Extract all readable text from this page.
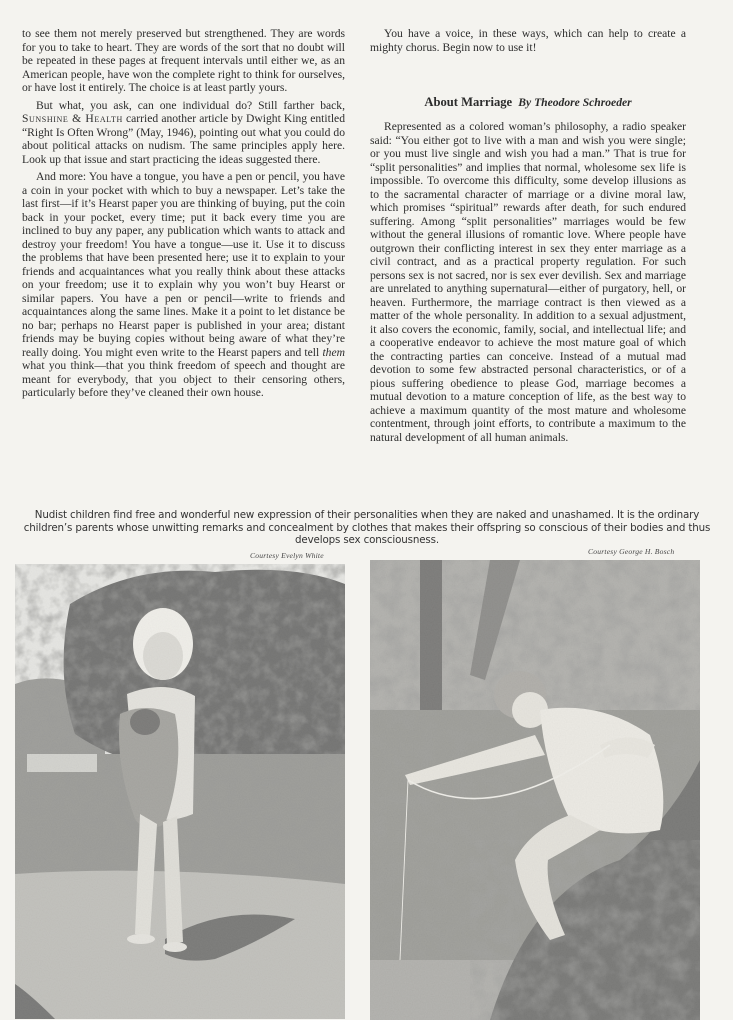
to see them not merely preserved but strengthened. They are words for you to take to heart. They are words of the sort that no doubt will be repeated in these pages at frequent intervals until either we, as an American people, have won the complete right to think for ourselves, or have lost it entirely. The choice is at least partly yours.

But what, you ask, can one individual do? Still farther back, Sunshine & Health carried another article by Dwight King entitled “Right Is Often Wrong” (May, 1946), pointing out what you could do about political attacks on nudism. The same principles apply here. Look up that issue and start practicing the ideas suggested there.

And more: You have a tongue, you have a pen or pencil, you have a coin in your pocket with which to buy a newspaper. Let’s take the last first—if it’s Hearst paper you are thinking of buying, put the coin back in your pocket, every time; put it back every time you are inclined to buy any paper, any publication which wants to attack and destroy your freedom! You have a tongue—use it. Use it to discuss the problems that have been presented here; use it to explain to your friends and acquaintances what you really think about these attacks on your freedom; use it to explain why you won’t buy Hearst or similar papers. You have a pen or pencil—write to friends and acquaintances along the same lines. Make it a point to let distance be no bar; perhaps no Hearst paper is published in your area; distant friends may be buying copies without being aware of what they’re really doing. You might even write to the Hearst papers and tell them what you think—that you think freedom of speech and thought are meant for everybody, that you object to their censoring others, particularly before they’ve cleaned their own house.

You have a voice, in these ways, which can help to create a mighty chorus. Begin now to use it!

About Marriage By Theodore Schroeder

Represented as a colored woman’s philosophy, a radio speaker said: “You either got to live with a man and wish you were single; or you must live single and wish you had a man.” That is true for “split personalities” and implies that normal, wholesome sex life is impossible. To overcome this difficulty, some develop illusions as to the sacramental character of marriage or a divine moral law, which promises “spiritual” rewards after death, for such endured suffering. Among “split personalities” marriages would be few without the general illusions of romantic love. Where people have outgrown their conflicting interest in sex they enter marriage as a civil contract, and as a practical property regulation. For such persons sex is not sacred, nor is sex ever devilish. Sex and marriage are unrelated to anything supernatural—either of purgatory, hell, or heaven. Furthermore, the marriage contract is then viewed as a matter of the whole personality. In addition to a sexual adjustment, it also covers the economic, family, social, and intellectual life; and a cooperative endeavor to achieve the most mature goal of which the contracting parties can conceive. Instead of a mutual mad devotion to some few abstracted personal characteristics, or of a pious suffering obedience to please God, marriage becomes a mutual devotion to a mature conception of life, as the best way to achieve a maximum quantity of the most mature and wholesome contentment, through joint efforts, to contribute a maximum to the natural development of all human animals.

Nudist children find free and wonderful new expression of their personalities when they are naked and unashamed. It is the ordinary children’s parents whose unwitting remarks and concealment by clothes that makes their offspring so conscious of their bodies and thus develops sex consciousness.
Courtesy Evelyn White	Courtesy George H. Bosch
